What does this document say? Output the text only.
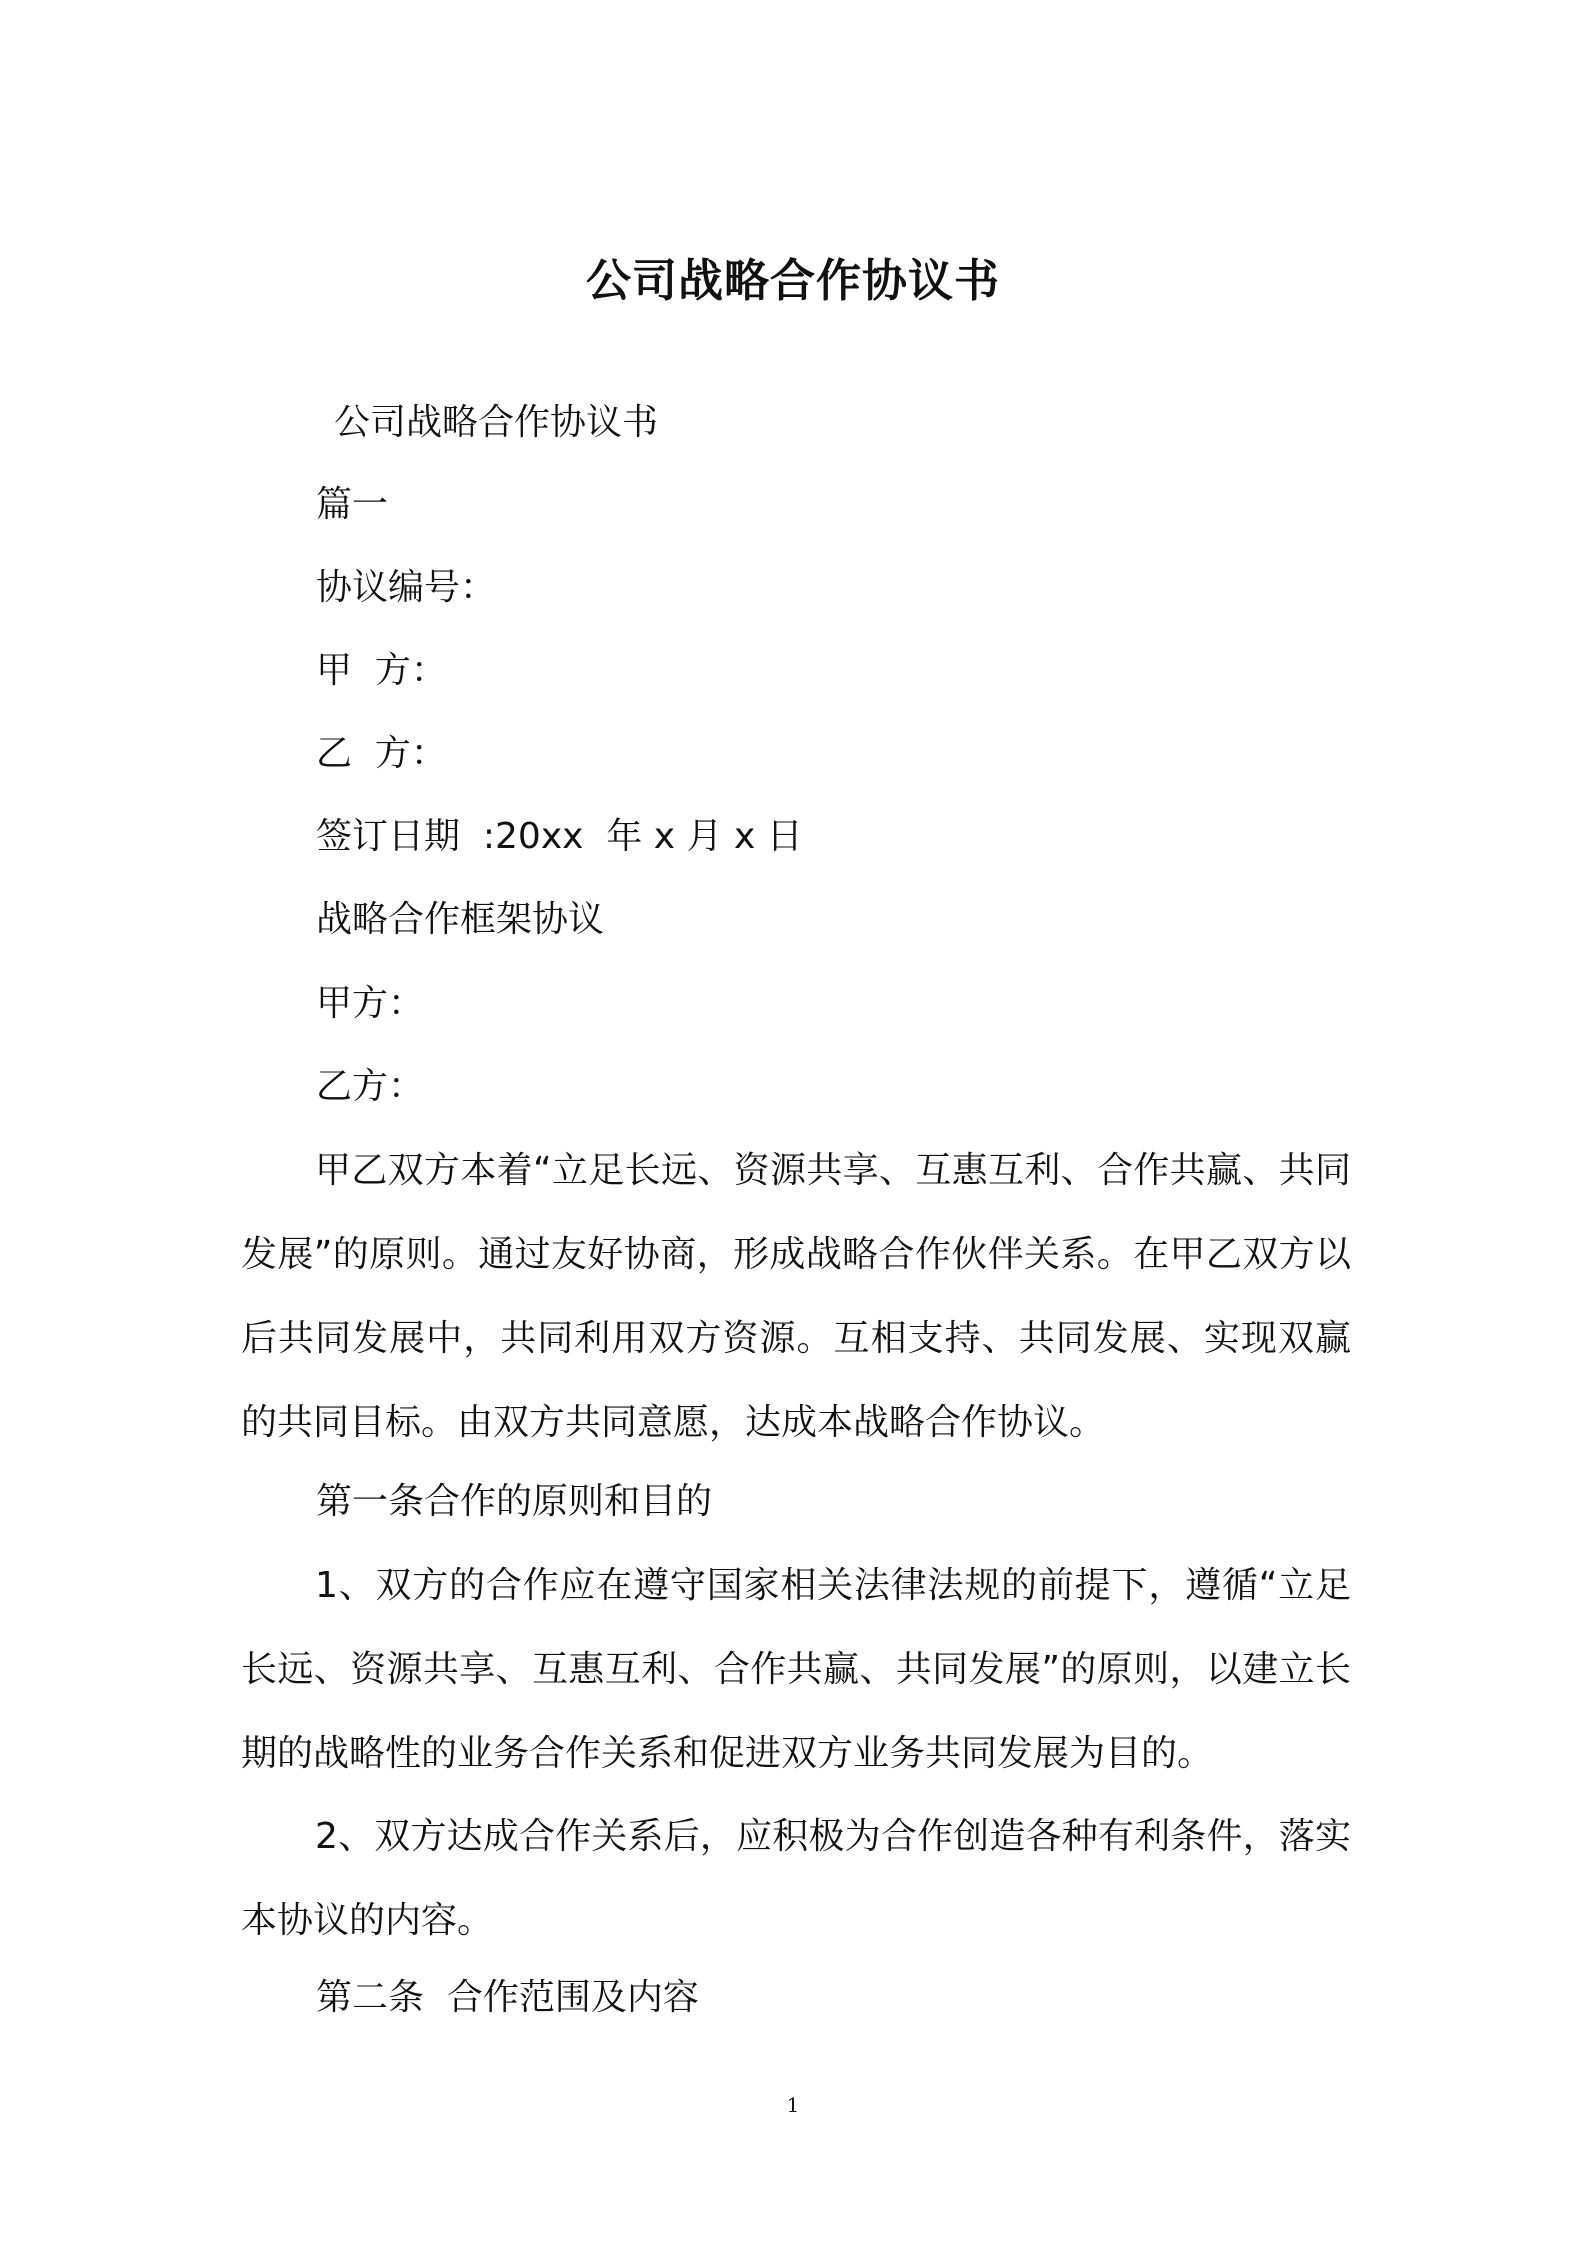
公司战略合作协议书
公司战略合作协议书
篇一
协议编号：
甲  方：
乙  方：
签订日期  :20xx  年 x 月 x 日
战略合作框架协议
甲方：
乙方：

甲乙双方本着“立足长远、资源共享、互惠互利、合作共赢、共同发展”的原则。通过友好协商，形成战略合作伙伴关系。在甲乙双方以后共同发展中，共同利用双方资源。互相支持、共同发展、实现双赢的共同目标。由双方共同意愿，达成本战略合作协议。

第一条合作的原则和目的

1、双方的合作应在遵守国家相关法律法规的前提下，遵循“立足长远、资源共享、互惠互利、合作共赢、共同发展”的原则，以建立长期的战略性的业务合作关系和促进双方业务共同发展为目的。

2、双方达成合作关系后，应积极为合作创造各种有利条件，落实本协议的内容。

第二条  合作范围及内容
1
